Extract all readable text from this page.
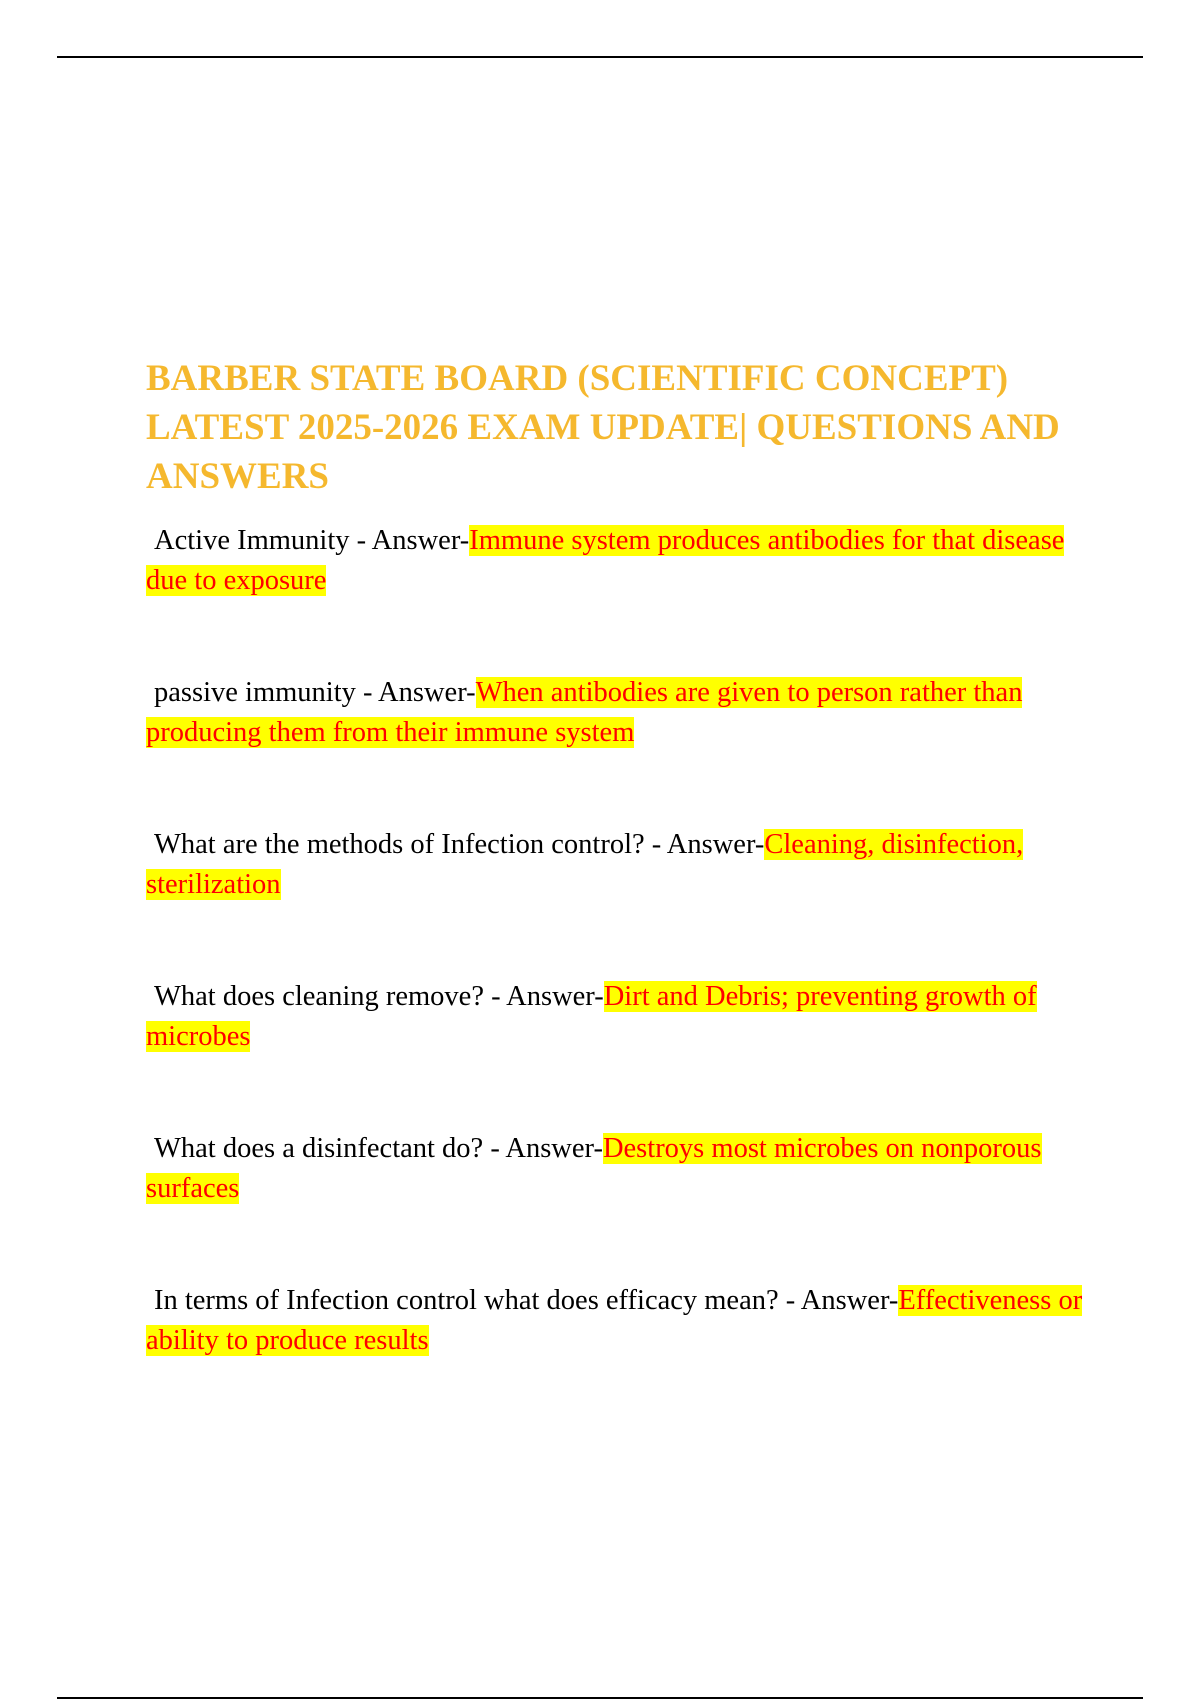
BARBER STATE BOARD (SCIENTIFIC CONCEPT) LATEST 2025-2026 EXAM UPDATE| QUESTIONS AND ANSWERS

Active Immunity - Answer-Immune system produces antibodies for that disease due to exposure

passive immunity - Answer-When antibodies are given to person rather than producing them from their immune system

What are the methods of Infection control? - Answer-Cleaning, disinfection, sterilization

What does cleaning remove? - Answer-Dirt and Debris; preventing growth of microbes

What does a disinfectant do? - Answer-Destroys most microbes on nonporous surfaces

In terms of Infection control what does efficacy mean? - Answer-Effectiveness or ability to produce results
